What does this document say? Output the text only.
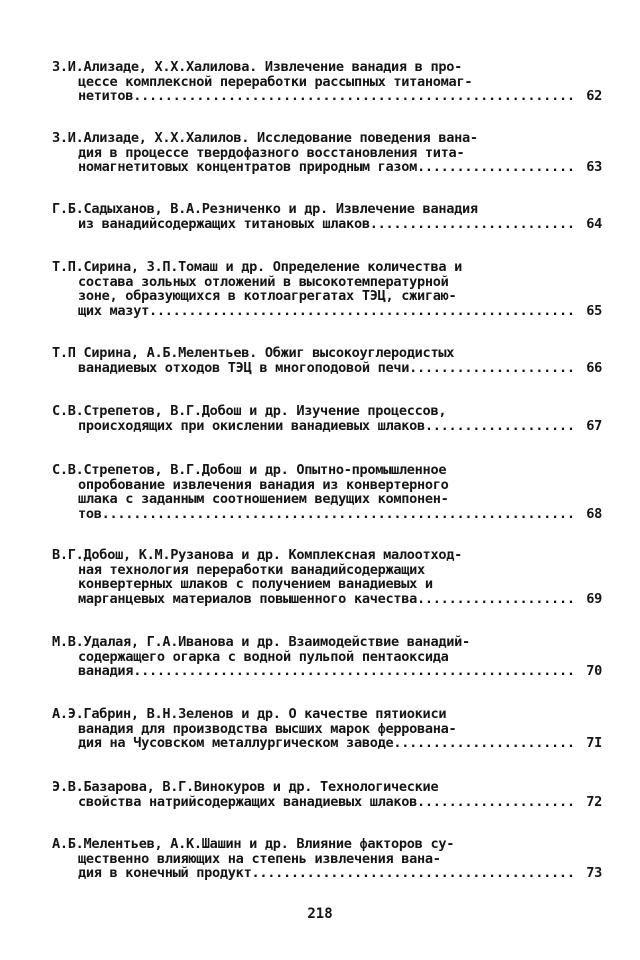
З.И.Ализаде, Х.Х.Халилова. Извлечение ванадия в про-
цессе комплексной переработки рассыпных титаномаг-
нетитов .....	62
З.И.Ализаде, Х.Х.Халилов. Исследование поведения вана-
дия в процессе твердофазного восстановления тита-
номагнетитовых концентратов природным газом .....	63
Г.Б.Садыханов, В.А.Резниченко и др. Извлечение ванадия
из ванадийсодержащих титановых шлаков .....	64
Т.П.Сирина, З.П.Томаш и др. Определение количества и
состава зольных отложений в высокотемпературной
зоне, образующихся в котлоагрегатах ТЭЦ, сжигаю-
щих мазут .....	65
Т.П Сирина, А.Б.Мелентьев. Обжиг высокоуглеродистых
ванадиевых отходов ТЭЦ в многоподовой печи .....	66
С.В.Стрепетов, В.Г.Добош и др. Изучение процессов,
происходящих при окислении ванадиевых шлаков .....	67
С.В.Стрепетов, В.Г.Добош и др. Опытно-промышленное
опробование извлечения ванадия из конвертерного
шлака с заданным соотношением ведущих компонен-
тов .....	68
В.Г.Добош, К.М.Рузанова и др. Комплексная малоотход-
ная технология переработки ванадийсодержащих
конвертерных шлаков с получением ванадиевых и
марганцевых материалов повышенного качества .....	69
М.В.Удалая, Г.А.Иванова и др. Взаимодействие ванадий-
содержащего огарка с водной пульпой пентаоксида
ванадия .....	70
А.Э.Габрин, В.Н.Зеленов и др. О качестве пятиокиси
ванадия для производства высших марок феррована-
дия на Чусовском металлургическом заводе .....	7I
Э.В.Базарова, В.Г.Винокуров и др. Технологические
свойства натрийсодержащих ванадиевых шлаков .....	72
А.Б.Мелентьев, А.К.Шашин и др. Влияние факторов су-
щественно влияющих на степень извлечения вана-
дия в конечный продукт .....	73
218
